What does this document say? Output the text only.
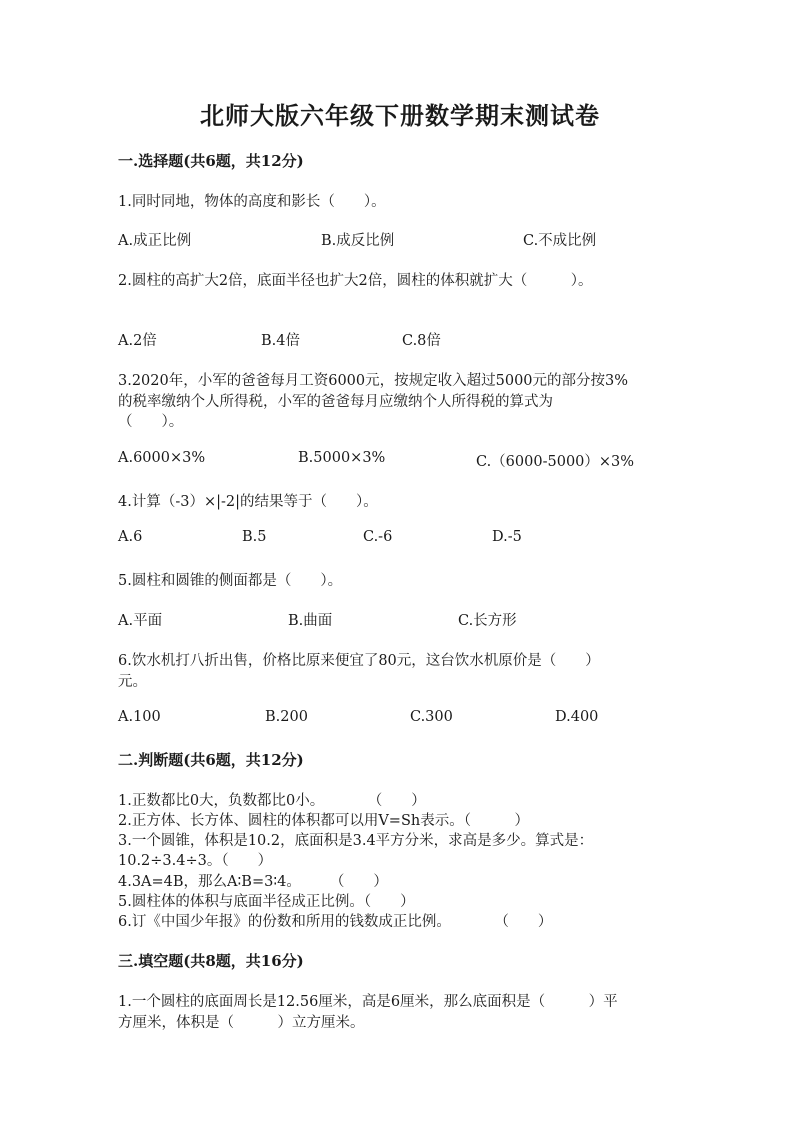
北师大版六年级下册数学期末测试卷
一.选择题(共6题，共12分)
1.同时同地，物体的高度和影长（　　）。
A.成正比例	B.成反比例	C.不成比例
2.圆柱的高扩大2倍，底面半径也扩大2倍，圆柱的体积就扩大（　　　）。
A.2倍	B.4倍	C.8倍
3.2020年，小军的爸爸每月工资6000元，按规定收入超过5000元的部分按3%
的税率缴纳个人所得税，小军的爸爸每月应缴纳个人所得税的算式为
（　　）。
A.6000×3%	B.5000×3%	C.（6000-5000）×3%
4.计算（-3）×|-2|的结果等于（　　）。
A.6	B.5	C.-6	D.-5
5.圆柱和圆锥的侧面都是（　　）。
A.平面	B.曲面	C.长方形
6.饮水机打八折出售，价格比原来便宜了80元，这台饮水机原价是（　　）
元。
A.100	B.200	C.300	D.400
二.判断题(共6题，共12分)
1.正数都比0大，负数都比0小。　　　　（　　）
2.正方体、长方体、圆柱的体积都可以用V=Sh表示。（　　　）
3.一个圆锥，体积是10.2，底面积是3.4平方分米，求高是多少。算式是：
10.2÷3.4÷3。（　　）
4.3A=4B，那么A∶B=3∶4。　　　（　　）
5.圆柱体的体积与底面半径成正比例。（　　）
6.订《中国少年报》的份数和所用的钱数成正比例。　　　　（　　）
三.填空题(共8题，共16分)
1.一个圆柱的底面周长是12.56厘米，高是6厘米，那么底面积是（　　　）平
方厘米，体积是（　　　）立方厘米。
